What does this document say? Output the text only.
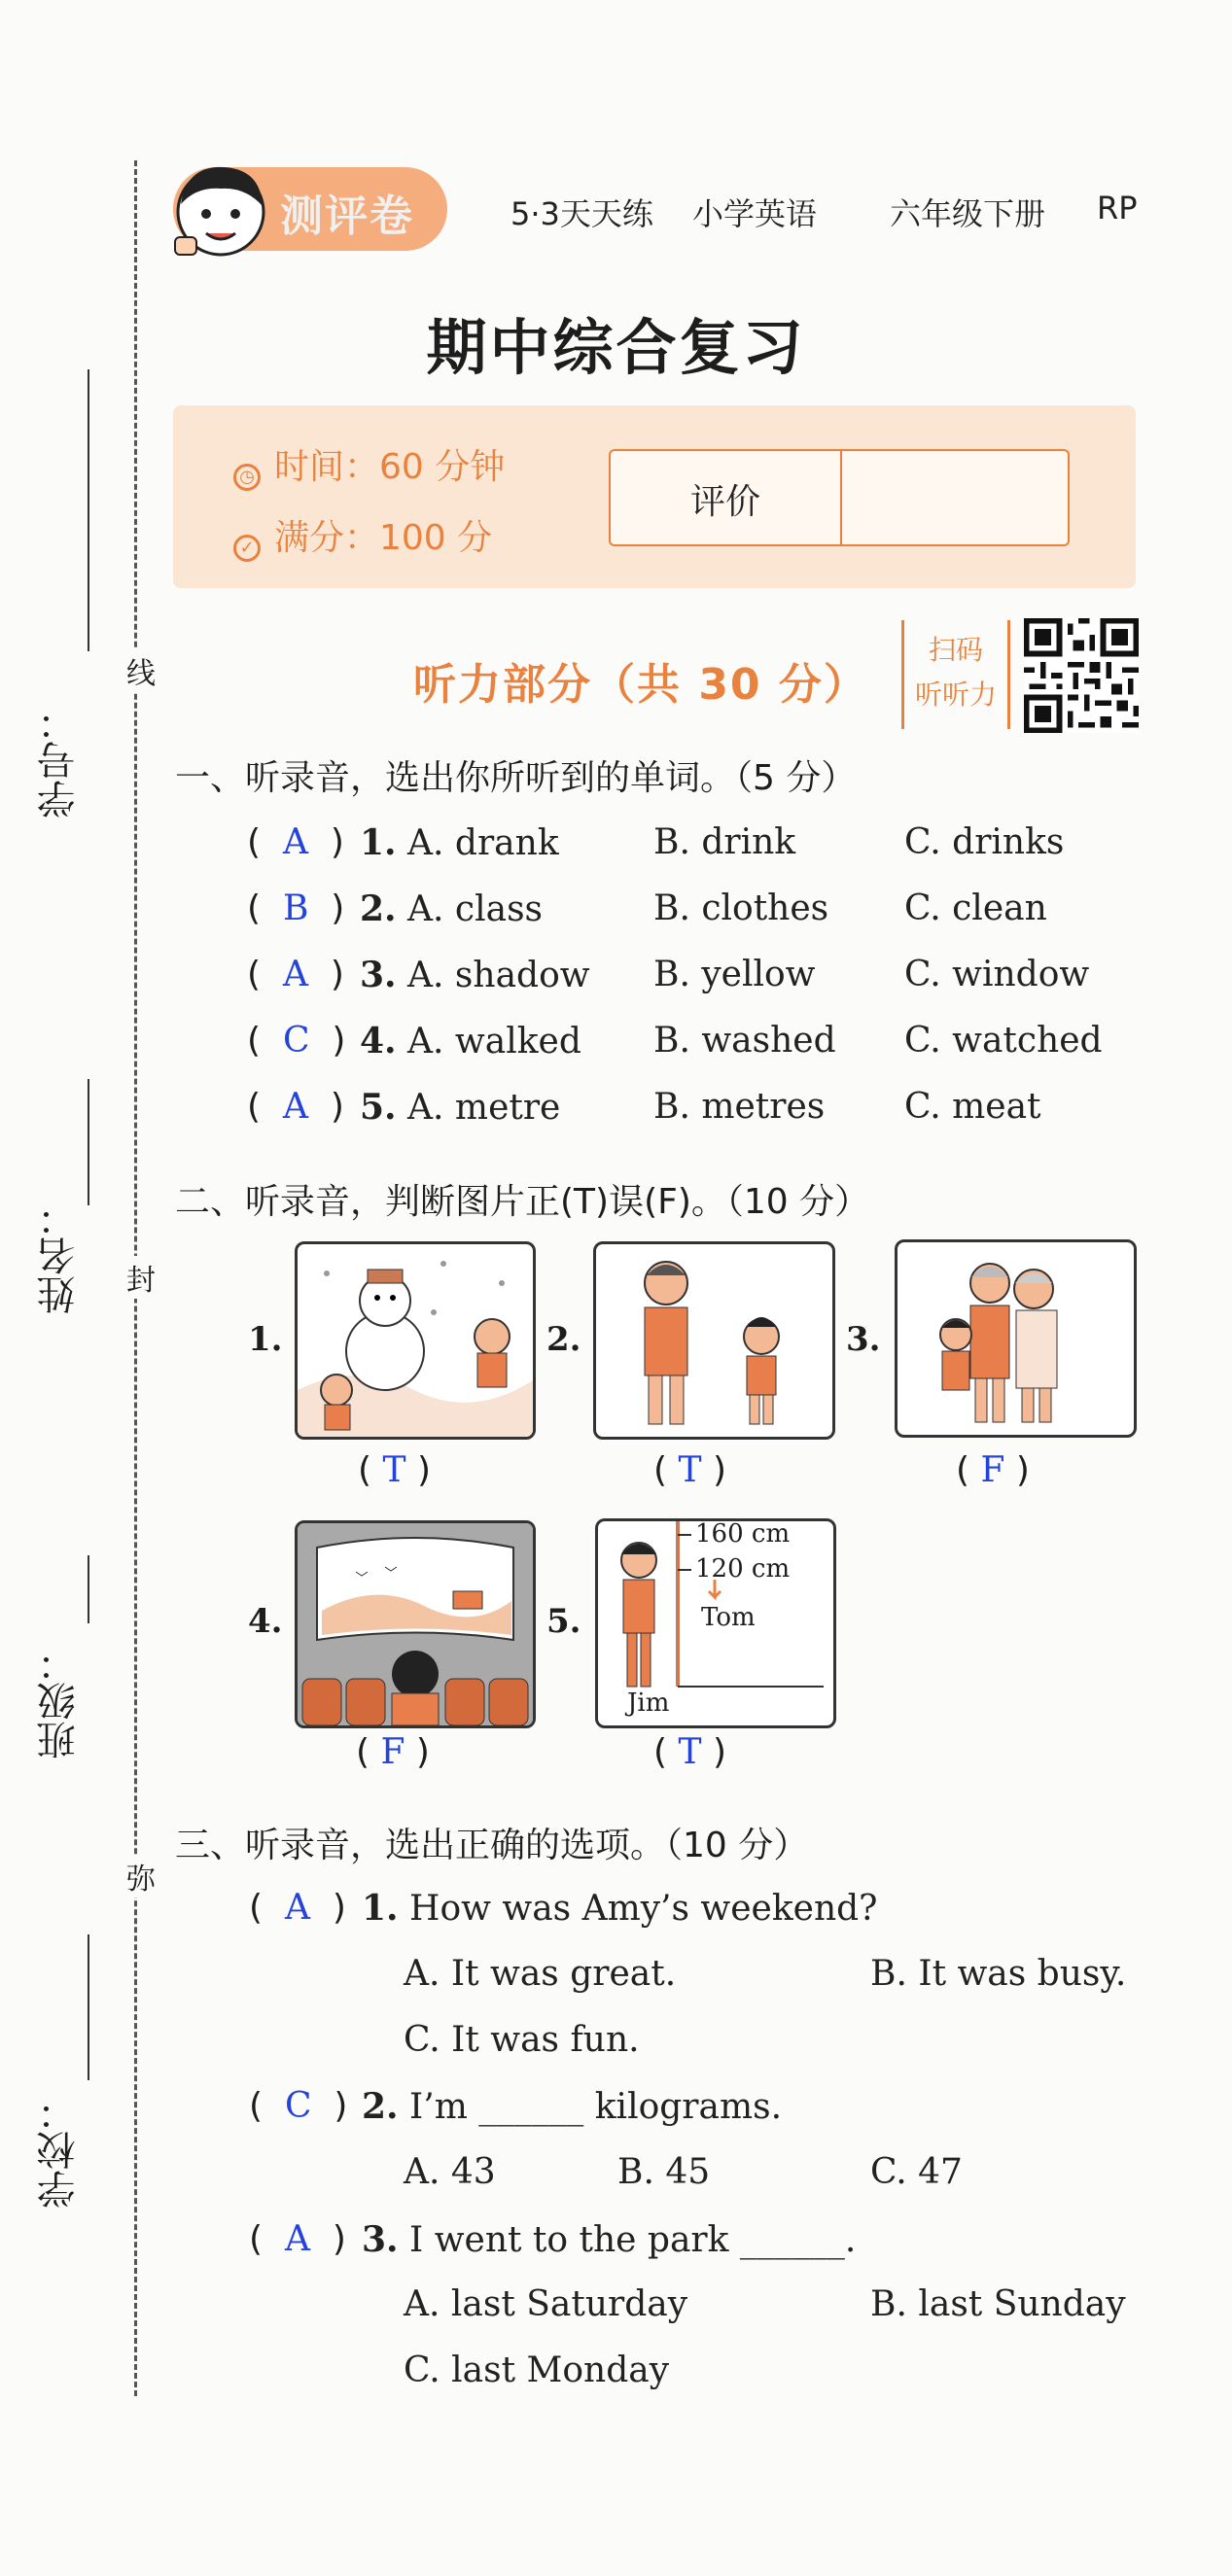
线
封
弥
学号：
姓名：
班级：
学校：
测评卷	5·3天天练 小学英语 六年级下册 RP
期中综合复习
◷ 时间：60 分钟
✓ 满分：100 分
评价
听力部分（共 30 分）
扫码
听听力
一、听录音，选出你所听到的单词。（5 分）
(  A  ) 1. A. drank	B. drink	C. drinks
(  B  ) 2. A. class	B. clothes C. clean
(  A  ) 3. A. shadow B. yellow	C. window
(  C  ) 4. A. walked B. washed C. watched
(  A  ) 5. A. metre	B. metres C. meat
二、听录音，判断图片正(T)误(F)。（10 分）
1.
( T )
2.
( T )
3.
( F )
4.
( F )
5.
160 cm
120 cm
Tom
Jim
( T )
三、听录音，选出正确的选项。（10 分）
(  A  ) 1. How was Amy’s weekend?
A. It was great.	B. It was busy.
C. It was fun.
(  C  ) 2. I’m ______ kilograms.
A. 43	B. 45	C. 47
(  A  ) 3. I went to the park ______.
A. last Saturday	B. last Sunday
C. last Monday
